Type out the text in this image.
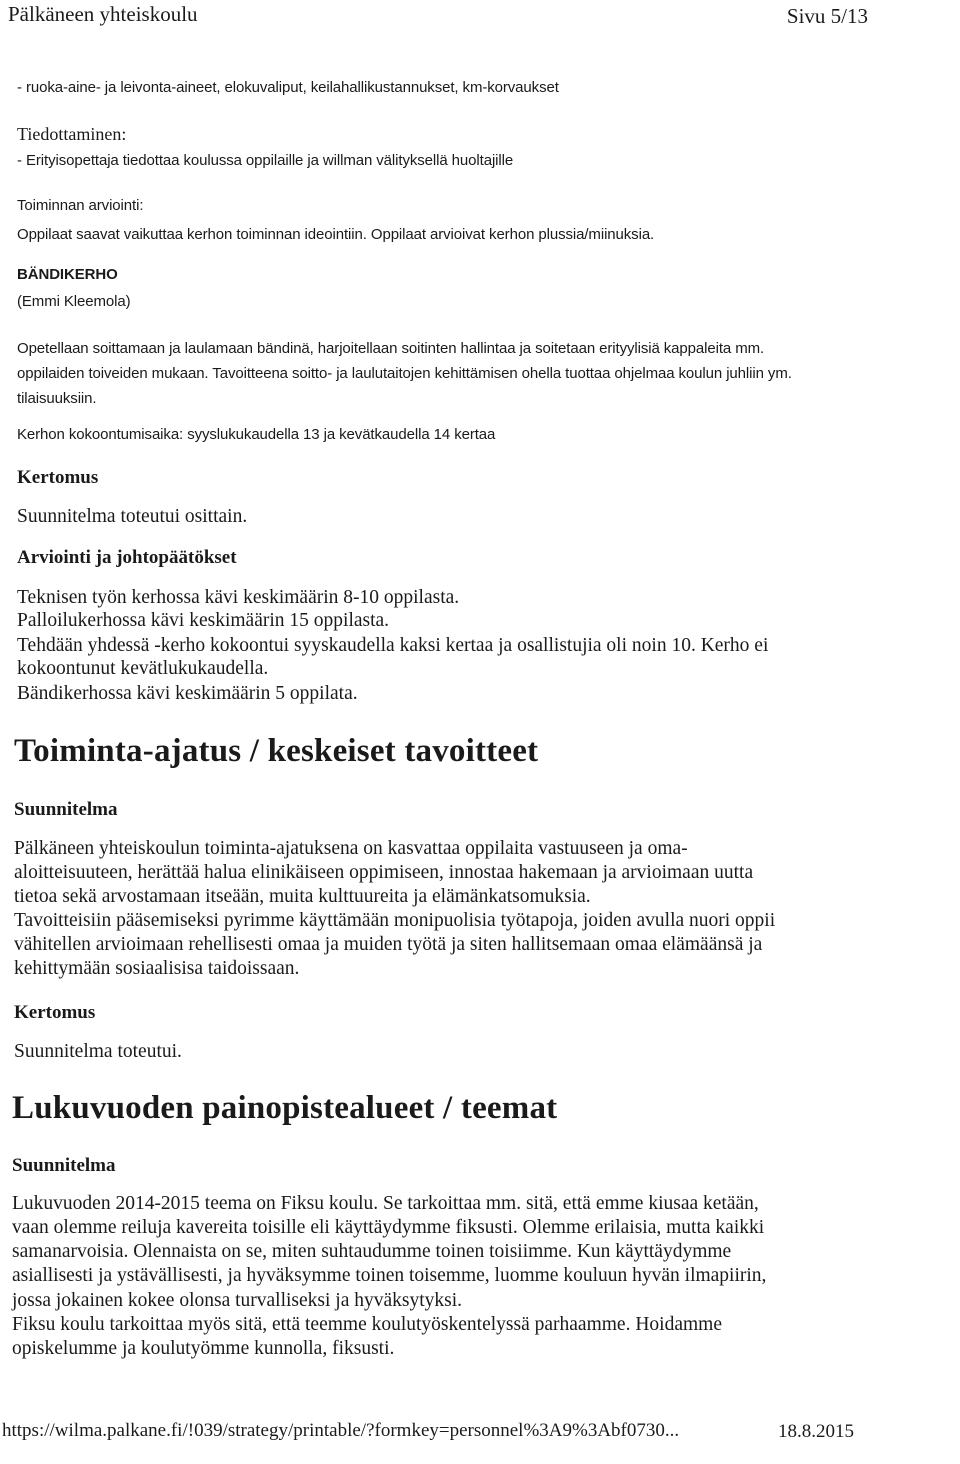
Pälkäneen yhteiskoulu	Sivu 5/13
- ruoka-aine- ja leivonta-aineet, elokuvaliput, keilahallikustannukset, km-korvaukset
Tiedottaminen:
- Erityisopettaja tiedottaa koulussa oppilaille ja willman välityksellä huoltajille
Toiminnan arviointi:
Oppilaat saavat vaikuttaa kerhon toiminnan ideointiin. Oppilaat arvioivat kerhon plussia/miinuksia.
BÄNDIKERHO
(Emmi Kleemola)
Opetellaan soittamaan ja laulamaan bändinä, harjoitellaan soitinten hallintaa ja soitetaan erityylisiä kappaleita mm.
oppilaiden toiveiden mukaan. Tavoitteena soitto- ja laulutaitojen kehittämisen ohella tuottaa ohjelmaa koulun juhliin ym.
tilaisuuksiin.
Kerhon kokoontumisaika: syyslukukaudella 13 ja kevätkaudella 14 kertaa
Kertomus
Suunnitelma toteutui osittain.
Arviointi ja johtopäätökset
Teknisen työn kerhossa kävi keskimäärin 8-10 oppilasta.
Palloilukerhossa kävi keskimäärin 15 oppilasta.
Tehdään yhdessä -kerho kokoontui syyskaudella kaksi kertaa ja osallistujia oli noin 10. Kerho ei
kokoontunut kevätlukukaudella.
Bändikerhossa kävi keskimäärin 5 oppilata.
Toiminta-ajatus / keskeiset tavoitteet
Suunnitelma
Pälkäneen yhteiskoulun toiminta-ajatuksena on kasvattaa oppilaita vastuuseen ja oma-
aloitteisuuteen, herättää halua elinikäiseen oppimiseen, innostaa hakemaan ja arvioimaan uutta
tietoa sekä arvostamaan itseään, muita kulttuureita ja elämänkatsomuksia.
Tavoitteisiin pääsemiseksi pyrimme käyttämään monipuolisia työtapoja, joiden avulla nuori oppii
vähitellen arvioimaan rehellisesti omaa ja muiden työtä ja siten hallitsemaan omaa elämäänsä ja
kehittymään sosiaalisisa taidoissaan.
Kertomus
Suunnitelma toteutui.
Lukuvuoden painopistealueet / teemat
Suunnitelma
Lukuvuoden 2014-2015 teema on Fiksu koulu. Se tarkoittaa mm. sitä, että emme kiusaa ketään,
vaan olemme reiluja kavereita toisille eli käyttäydymme fiksusti. Olemme erilaisia, mutta kaikki
samanarvoisia. Olennaista on se, miten suhtaudumme toinen toisiimme. Kun käyttäydymme
asiallisesti ja ystävällisesti, ja hyväksymme toinen toisemme, luomme kouluun hyvän ilmapiirin,
jossa jokainen kokee olonsa turvalliseksi ja hyväksytyksi.
Fiksu koulu tarkoittaa myös sitä, että teemme koulutyöskentelyssä parhaamme. Hoidamme
opiskelumme ja koulutyömme kunnolla, fiksusti.
https://wilma.palkane.fi/!039/strategy/printable/?formkey=personnel%3A9%3Abf0730...	18.8.2015
